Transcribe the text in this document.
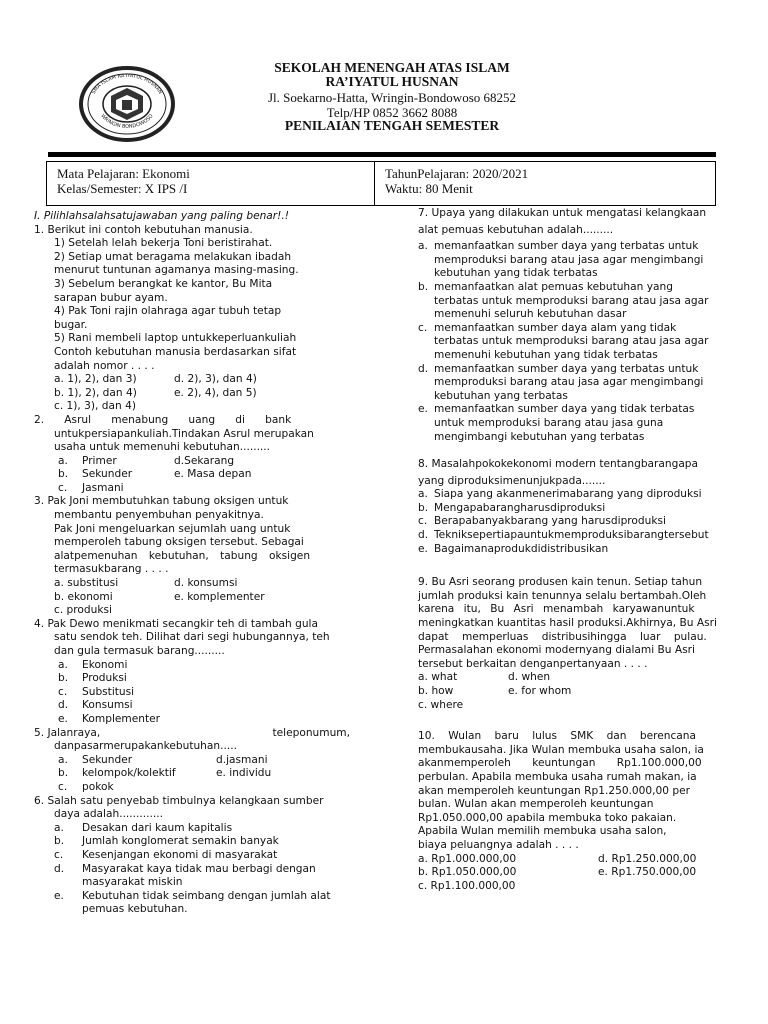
SMA ISLAM RA'IYATUL HUSNAN
WRINGIN BONDOWOSO
SEKOLAH MENENGAH ATAS ISLAM
RA’IYATUL HUSNAN
Jl. Soekarno-Hatta, Wringin-Bondowoso 68252
Telp/HP 0852 3662 8088
PENILAIAN TENGAH SEMESTER
Mata Pelajaran: Ekonomi
Kelas/Semester: X IPS /I
TahunPelajaran: 2020/2021
Waktu: 80 Menit
I. Pilihlahsalahsatujawaban yang paling benar!.!
1. Berikut ini contoh kebutuhan manusia.
1) Setelah lelah bekerja Toni beristirahat.
2) Setiap umat beragama melakukan ibadah
menurut tuntunan agamanya masing-masing.
3) Sebelum berangkat ke kantor, Bu Mita
sarapan bubur ayam.
4) Pak Toni rajin olahraga agar tubuh tetap
bugar.
5) Rani membeli laptop untukkeperluankuliah
Contoh kebutuhan manusia berdasarkan sifat
adalah nomor . . . .
a. 1), 2), dan 3)	d. 2), 3), dan 4)
b. 1), 2), dan 4)	e. 2), 4), dan 5)
c. 1), 3), dan 4)
2.      Asrul      menabung      uang      di      bank
untukpersiapankuliah.Tindakan Asrul merupakan
usaha untuk memenuhi kebutuhan.........
a. Primer	d.Sekarang
b. Sekunder	e. Masa depan
c. Jasmani
3. Pak Joni membutuhkan tabung oksigen untuk
membantu penyembuhan penyakitnya.
Pak Joni mengeluarkan sejumlah uang untuk
memperoleh tabung oksigen tersebut. Sebagai
alatpemenuhan kebutuhan, tabung oksigen
termasukbarang . . . .
a. substitusi	d. konsumsi
b. ekonomi	e. komplementer
c. produksi
4. Pak Dewo menikmati secangkir teh di tambah gula
satu sendok teh. Dilihat dari segi hubungannya, teh
dan gula termasuk barang.........
a. Ekonomi
b. Produksi
c. Substitusi
d. Konsumsi
e. Komplementer
5. Jalanraya,	teleponumum,
danpasarmerupakankebutuhan.....
a. Sekunder	d.jasmani
b. kelompok/kolektif	e. individu
c. pokok
6. Salah satu penyebab timbulnya kelangkaan sumber
daya adalah.............
a. Desakan dari kaum kapitalis
b. Jumlah konglomerat semakin banyak
c. Kesenjangan ekonomi di masyarakat
d. Masyarakat kaya tidak mau berbagi dengan
masyarakat miskin
e. Kebutuhan tidak seimbang dengan jumlah alat
pemuas kebutuhan.
7. Upaya yang dilakukan untuk mengatasi kelangkaan
alat pemuas kebutuhan adalah.........
a. memanfaatkan sumber daya yang terbatas untuk
memproduksi barang atau jasa agar mengimbangi
kebutuhan yang tidak terbatas
b. memanfaatkan alat pemuas kebutuhan yang
terbatas untuk memproduksi barang atau jasa agar
memenuhi seluruh kebutuhan dasar
c. memanfaatkan sumber daya alam yang tidak
terbatas untuk memproduksi barang atau jasa agar
memenuhi kebutuhan yang tidak terbatas
d. memanfaatkan sumber daya yang terbatas untuk
memproduksi barang atau jasa agar mengimbangi
kebutuhan yang terbatas
e. memanfaatkan sumber daya yang tidak terbatas
untuk memproduksi barang atau jasa guna
mengimbangi kebutuhan yang terbatas
8. Masalahpokokekonomi modern tentangbarangapa
yang diproduksimenunjukpada.......
a. Siapa yang akanmenerimabarang yang diproduksi
b. Mengapabarangharusdiproduksi
c. Berapabanyakbarang yang harusdiproduksi
d. Tekniksepertiapauntukmemproduksibarangtersebut
e. Bagaimanaprodukdidistribusikan
9. Bu Asri seorang produsen kain tenun. Setiap tahun
jumlah produksi kain tenunnya selalu bertambah.Oleh
karena itu, Bu Asri menambah karyawanuntuk
meningkatkan kuantitas hasil produksi.Akhirnya, Bu Asri
dapat memperluas distribusihingga luar pulau.
Permasalahan ekonomi modernyang dialami Bu Asri
tersebut berkaitan denganpertanyaan . . . .
a. what	d. when
b. how	e. for whom
c. where
10. Wulan baru lulus SMK dan berencana
membukausaha. Jika Wulan membuka usaha salon, ia
akanmemperoleh keuntungan Rp1.100.000,00
perbulan. Apabila membuka usaha rumah makan, ia
akan memperoleh keuntungan Rp1.250.000,00 per
bulan. Wulan akan memperoleh keuntungan
Rp1.050.000,00 apabila membuka toko pakaian.
Apabila Wulan memilih membuka usaha salon,
biaya peluangnya adalah . . . .
a. Rp1.000.000,00	d. Rp1.250.000,00
b. Rp1.050.000,00	e. Rp1.750.000,00
c. Rp1.100.000,00
